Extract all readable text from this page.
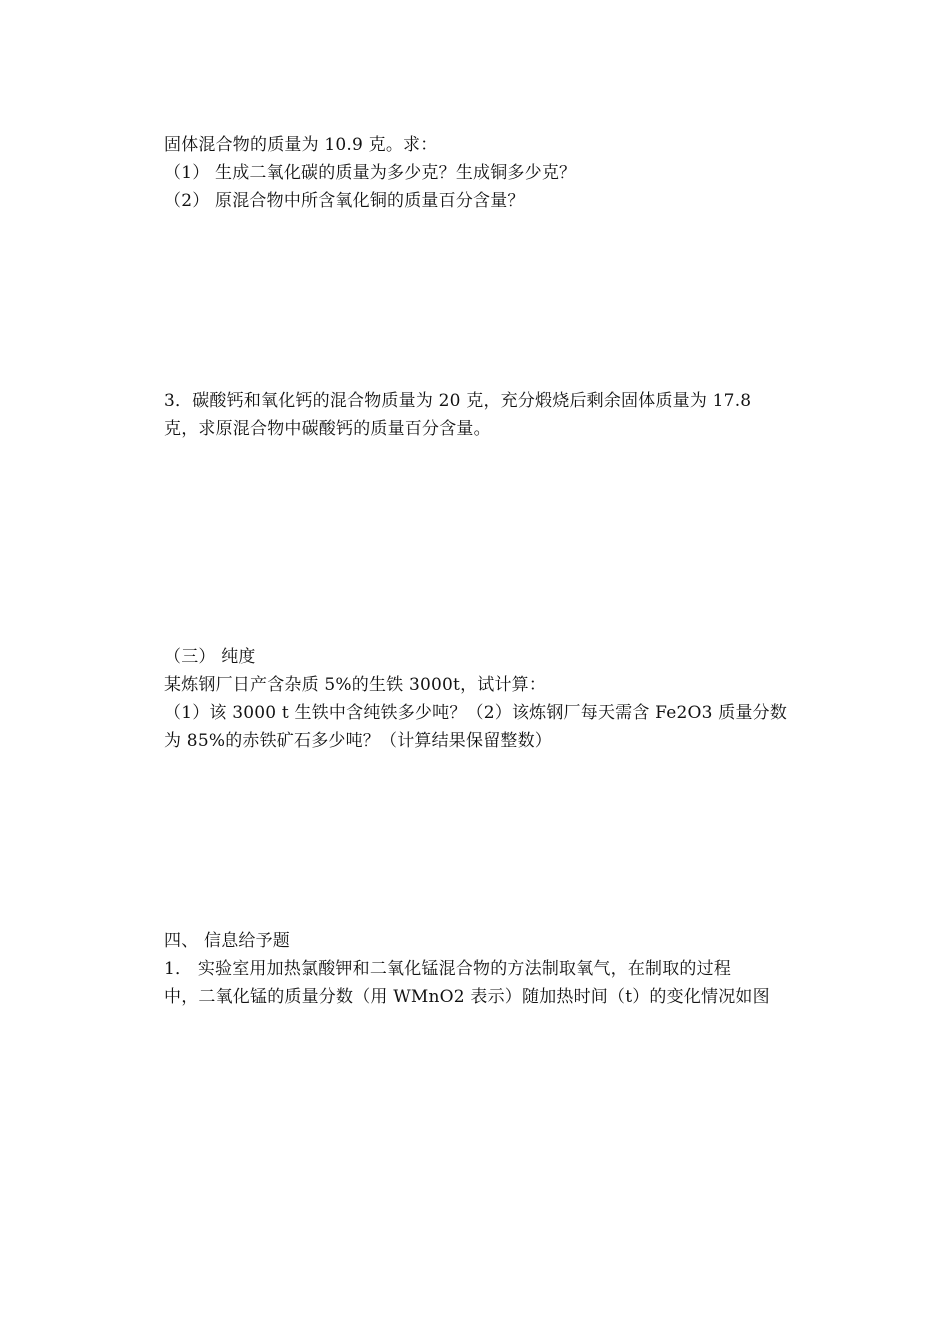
固体混合物的质量为 10.9 克。求：
（1） 生成二氧化碳的质量为多少克？生成铜多少克？
（2） 原混合物中所含氧化铜的质量百分含量？
3．碳酸钙和氧化钙的混合物质量为 20 克，充分煅烧后剩余固体质量为 17.8
克，求原混合物中碳酸钙的质量百分含量。
（三） 纯度
某炼钢厂日产含杂质 5%的生铁 3000t，试计算：
（1）该 3000 t 生铁中含纯铁多少吨？（2）该炼钢厂每天需含 Fe2O3 质量分数
为 85%的赤铁矿石多少吨？（计算结果保留整数）
四、 信息给予题
1． 实验室用加热氯酸钾和二氧化锰混合物的方法制取氧气，在制取的过程
中，二氧化锰的质量分数（用 WMnO2 表示）随加热时间（t）的变化情况如图
